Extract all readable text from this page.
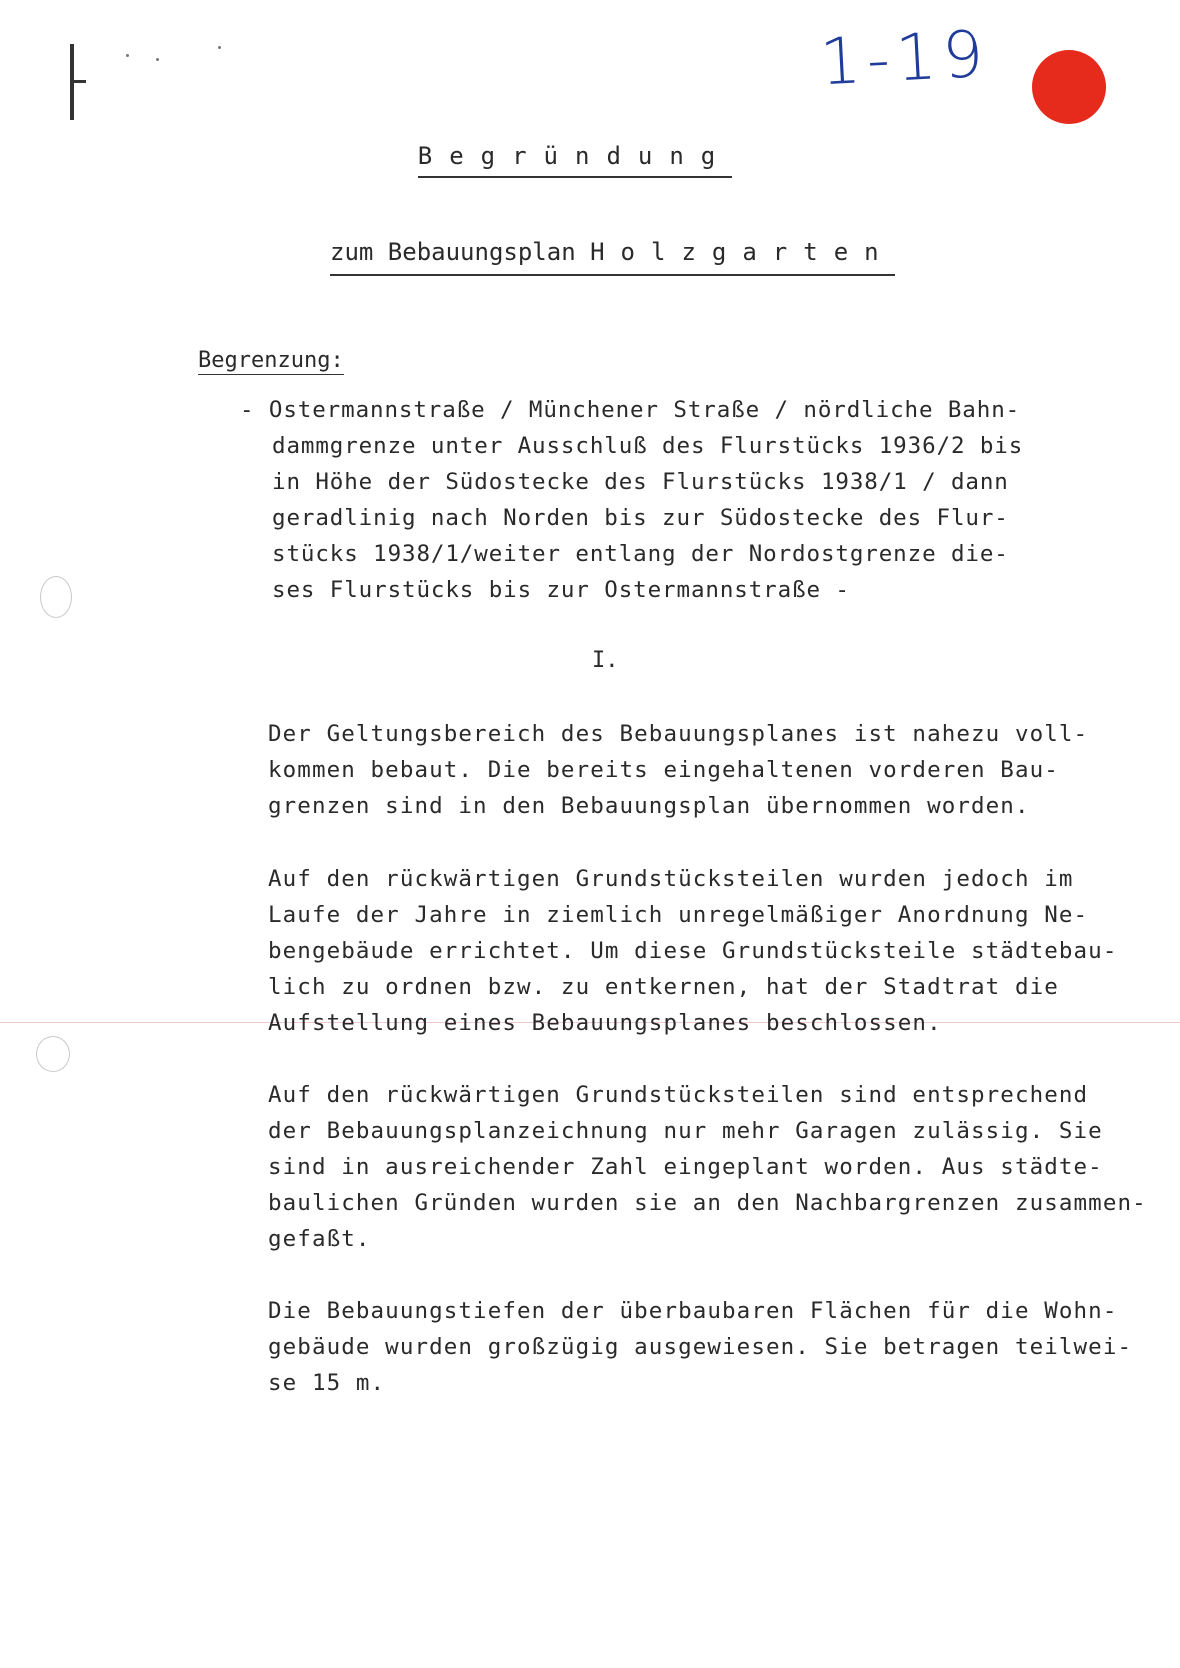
1-19
Begründung
zum Bebauungsplan Holzgarten
Begrenzung:
- Ostermannstraße / Münchener Straße / nördliche Bahn-
dammgrenze unter Ausschluß des Flurstücks 1936/2 bis
in Höhe der Südostecke des Flurstücks 1938/1 / dann
geradlinig nach Norden bis zur Südostecke des Flur-
stücks 1938/1/weiter entlang der Nordostgrenze die-
ses Flurstücks bis zur Ostermannstraße -
I.
Der Geltungsbereich des Bebauungsplanes ist nahezu voll-
kommen bebaut. Die bereits eingehaltenen vorderen Bau-
grenzen sind in den Bebauungsplan übernommen worden.
Auf den rückwärtigen Grundstücksteilen wurden jedoch im
Laufe der Jahre in ziemlich unregelmäßiger Anordnung Ne-
bengebäude errichtet. Um diese Grundstücksteile städtebau-
lich zu ordnen bzw. zu entkernen, hat der Stadtrat die
Aufstellung eines Bebauungsplanes beschlossen.
Auf den rückwärtigen Grundstücksteilen sind entsprechend
der Bebauungsplanzeichnung nur mehr Garagen zulässig. Sie
sind in ausreichender Zahl eingeplant worden. Aus städte-
baulichen Gründen wurden sie an den Nachbargrenzen zusammen-
gefaßt.
Die Bebauungstiefen der überbaubaren Flächen für die Wohn-
gebäude wurden großzügig ausgewiesen. Sie betragen teilwei-
se 15 m.
